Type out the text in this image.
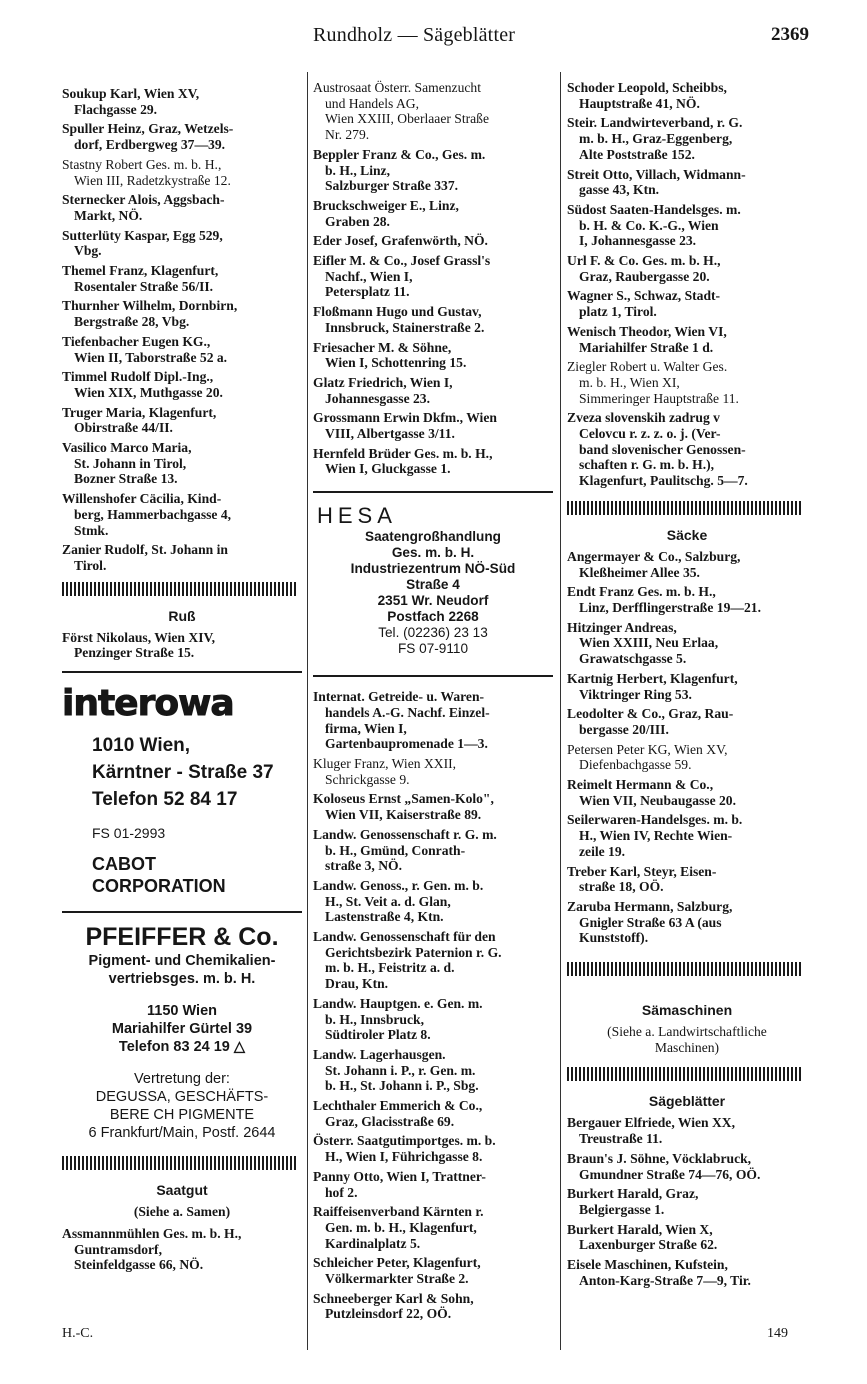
Rundholz — Sägeblätter	2369
Soukup Karl, Wien XV,
Flachgasse 29.
Spuller Heinz, Graz, Wetzels-
dorf, Erdbergweg 37—39.
Stastny Robert Ges. m. b. H.,
Wien III, Radetzkystraße 12.
Sternecker Alois, Aggsbach-
Markt, NÖ.
Sutterlüty Kaspar, Egg 529,
Vbg.
Themel Franz, Klagenfurt,
Rosentaler Straße 56/II.
Thurnher Wilhelm, Dornbirn,
Bergstraße 28, Vbg.
Tiefenbacher Eugen KG.,
Wien II, Taborstraße 52 a.
Timmel Rudolf Dipl.-Ing.,
Wien XIX, Muthgasse 20.
Truger Maria, Klagenfurt,
Obirstraße 44/II.
Vasilico Marco Maria,
St. Johann in Tirol,
Bozner Straße 13.
Willenshofer Cäcilia, Kind-
berg, Hammerbachgasse 4,
Stmk.
Zanier Rudolf, St. Johann in
Tirol.
Ruß
Först Nikolaus, Wien XIV,
Penzinger Straße 15.
interowa
1010 Wien,
Kärntner - Straße 37
Telefon 52 84 17
FS 01-2993
CABOT
CORPORATION
PFEIFFER & Co.
Pigment- und Chemikalien-
vertriebsges. m. b. H.
1150 Wien
Mariahilfer Gürtel 39
Telefon 83 24 19 △
Vertretung der:
DEGUSSA, GESCHÄFTS-
BERE CH PIGMENTE
6 Frankfurt/Main, Postf. 2644
Saatgut
(Siehe a. Samen)
Assmannmühlen Ges. m. b. H.,
Guntramsdorf,
Steinfeldgasse 66, NÖ.
Austrosaat Österr. Samenzucht
und Handels AG,
Wien XXIII, Oberlaaer Straße
Nr. 279.
Beppler Franz & Co., Ges. m.
b. H., Linz,
Salzburger Straße 337.
Bruckschweiger E., Linz,
Graben 28.
Eder Josef, Grafenwörth, NÖ.
Eifler M. & Co., Josef Grassl's
Nachf., Wien I,
Petersplatz 11.
Floßmann Hugo und Gustav,
Innsbruck, Stainerstraße 2.
Friesacher M. & Söhne,
Wien I, Schottenring 15.
Glatz Friedrich, Wien I,
Johannesgasse 23.
Grossmann Erwin Dkfm., Wien
VIII, Albertgasse 3/11.
Hernfeld Brüder Ges. m. b. H.,
Wien I, Gluckgasse 1.
HESA
Saatengroßhandlung
Ges. m. b. H.
Industriezentrum NÖ-Süd
Straße 4
2351 Wr. Neudorf
Postfach 2268
Tel. (02236) 23 13
FS 07-9110
Internat. Getreide- u. Waren-
handels A.-G. Nachf. Einzel-
firma, Wien I,
Gartenbaupromenade 1—3.
Kluger Franz, Wien XXII,
Schrickgasse 9.
Koloseus Ernst „Samen-Kolo",
Wien VII, Kaiserstraße 89.
Landw. Genossenschaft r. G. m.
b. H., Gmünd, Conrath-
straße 3, NÖ.
Landw. Genoss., r. Gen. m. b.
H., St. Veit a. d. Glan,
Lastenstraße 4, Ktn.
Landw. Genossenschaft für den
Gerichtsbezirk Paternion r. G.
m. b. H., Feistritz a. d.
Drau, Ktn.
Landw. Hauptgen. e. Gen. m.
b. H., Innsbruck,
Südtiroler Platz 8.
Landw. Lagerhausgen.
St. Johann i. P., r. Gen. m.
b. H., St. Johann i. P., Sbg.
Lechthaler Emmerich & Co.,
Graz, Glacisstraße 69.
Österr. Saatgutimportges. m. b.
H., Wien I, Führichgasse 8.
Panny Otto, Wien I, Trattner-
hof 2.
Raiffeisenverband Kärnten r.
Gen. m. b. H., Klagenfurt,
Kardinalplatz 5.
Schleicher Peter, Klagenfurt,
Völkermarkter Straße 2.
Schneeberger Karl & Sohn,
Putzleinsdorf 22, OÖ.
Schoder Leopold, Scheibbs,
Hauptstraße 41, NÖ.
Steir. Landwirteverband, r. G.
m. b. H., Graz-Eggenberg,
Alte Poststraße 152.
Streit Otto, Villach, Widmann-
gasse 43, Ktn.
Südost Saaten-Handelsges. m.
b. H. & Co. K.-G., Wien
I, Johannesgasse 23.
Url F. & Co. Ges. m. b. H.,
Graz, Raubergasse 20.
Wagner S., Schwaz, Stadt-
platz 1, Tirol.
Wenisch Theodor, Wien VI,
Mariahilfer Straße 1 d.
Ziegler Robert u. Walter Ges.
m. b. H., Wien XI,
Simmeringer Hauptstraße 11.
Zveza slovenskih zadrug v
Celovcu r. z. z. o. j. (Ver-
band slovenischer Genossen-
schaften r. G. m. b. H.),
Klagenfurt, Paulitschg. 5—7.
Säcke
Angermayer & Co., Salzburg,
Kleßheimer Allee 35.
Endt Franz Ges. m. b. H.,
Linz, Derfflingerstraße 19—21.
Hitzinger Andreas,
Wien XXIII, Neu Erlaa,
Grawatschgasse 5.
Kartnig Herbert, Klagenfurt,
Viktringer Ring 53.
Leodolter & Co., Graz, Rau-
bergasse 20/III.
Petersen Peter KG, Wien XV,
Diefenbachgasse 59.
Reimelt Hermann & Co.,
Wien VII, Neubaugasse 20.
Seilerwaren-Handelsges. m. b.
H., Wien IV, Rechte Wien-
zeile 19.
Treber Karl, Steyr, Eisen-
straße 18, OÖ.
Zaruba Hermann, Salzburg,
Gnigler Straße 63 A (aus
Kunststoff).
Sämaschinen
(Siehe a. Landwirtschaftliche
Maschinen)
Sägeblätter
Bergauer Elfriede, Wien XX,
Treustraße 11.
Braun's J. Söhne, Vöcklabruck,
Gmundner Straße 74—76, OÖ.
Burkert Harald, Graz,
Belgiergasse 1.
Burkert Harald, Wien X,
Laxenburger Straße 62.
Eisele Maschinen, Kufstein,
Anton-Karg-Straße 7—9, Tir.
H.-C.	149
